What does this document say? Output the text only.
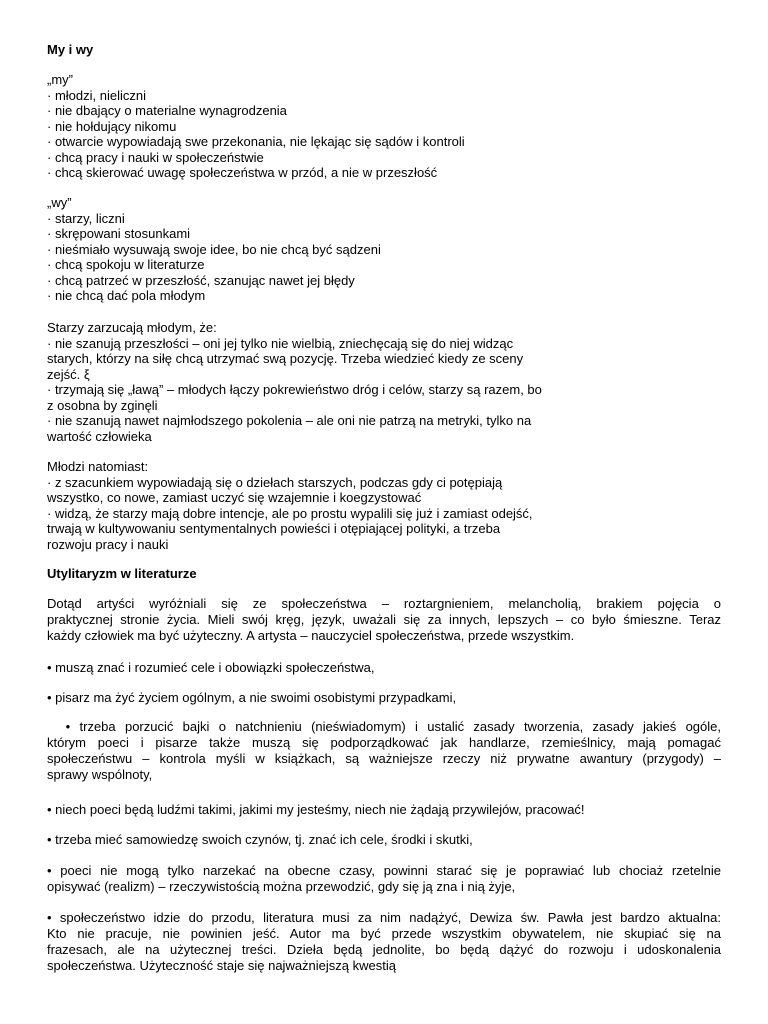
My i wy
„my”
· młodzi, nieliczni
· nie dbający o materialne wynagrodzenia
· nie hołdujący nikomu
· otwarcie wypowiadają swe przekonania, nie lękając się sądów i kontroli
· chcą pracy i nauki w społeczeństwie
· chcą skierować uwagę społeczeństwa w przód, a nie w przeszłość
„wy”
· starzy, liczni
· skrępowani stosunkami
· nieśmiało wysuwają swoje idee, bo nie chcą być sądzeni
· chcą spokoju w literaturze
· chcą patrzeć w przeszłość, szanując nawet jej błędy
· nie chcą dać pola młodym
Starzy zarzucają młodym, że:
· nie szanują przeszłości – oni jej tylko nie wielbią, zniechęcają się do niej widząc
starych, którzy na siłę chcą utrzymać swą pozycję. Trzeba wiedzieć kiedy ze sceny
zejść. ξ
· trzymają się „ławą” – młodych łączy pokrewieństwo dróg i celów, starzy są razem, bo
z osobna by zginęli
· nie szanują nawet najmłodszego pokolenia – ale oni nie patrzą na metryki, tylko na
wartość człowieka
Młodzi natomiast:
· z szacunkiem wypowiadają się o dziełach starszych, podczas gdy ci potępiają
wszystko, co nowe, zamiast uczyć się wzajemnie i koegzystować
· widzą, że starzy mają dobre intencje, ale po prostu wypalili się już i zamiast odejść,
trwają w kultywowaniu sentymentalnych powieści i otępiającej polityki, a trzeba
rozwoju pracy i nauki
Utylitaryzm w literaturze
Dotąd artyści wyróżniali się ze społeczeństwa – roztargnieniem, melancholią, brakiem pojęcia o
praktycznej stronie życia. Mieli swój kręg, język, uważali się za innych, lepszych – co było śmieszne. Teraz
każdy człowiek ma być użyteczny. A artysta – nauczyciel społeczeństwa, przede wszystkim.
• muszą znać i rozumieć cele i obowiązki społeczeństwa,
• pisarz ma żyć życiem ogólnym, a nie swoimi osobistymi przypadkami,
• trzeba porzucić bajki o natchnieniu (nieświadomym) i ustalić zasady tworzenia, zasady jakieś ogóle,
którym poeci i pisarze także muszą się podporządkować jak handlarze, rzemieślnicy, mają pomagać
społeczeństwu – kontrola myśli w książkach, są ważniejsze rzeczy niż prywatne awantury (przygody) –
sprawy wspólnoty,
• niech poeci będą ludźmi takimi, jakimi my jesteśmy, niech nie żądają przywilejów, pracować!
• trzeba mieć samowiedzę swoich czynów, tj. znać ich cele, środki i skutki,
• poeci nie mogą tylko narzekać na obecne czasy, powinni starać się je poprawiać lub chociaż rzetelnie
opisywać (realizm) – rzeczywistością można przewodzić, gdy się ją zna i nią żyje,
• społeczeństwo idzie do przodu, literatura musi za nim nadążyć, Dewiza św. Pawła jest bardzo aktualna:
Kto nie pracuje, nie powinien jeść. Autor ma być przede wszystkim obywatelem, nie skupiać się na
frazesach, ale na użytecznej treści. Dzieła będą jednolite, bo będą dążyć do rozwoju i udoskonalenia
społeczeństwa. Użyteczność staje się najważniejszą kwestią
